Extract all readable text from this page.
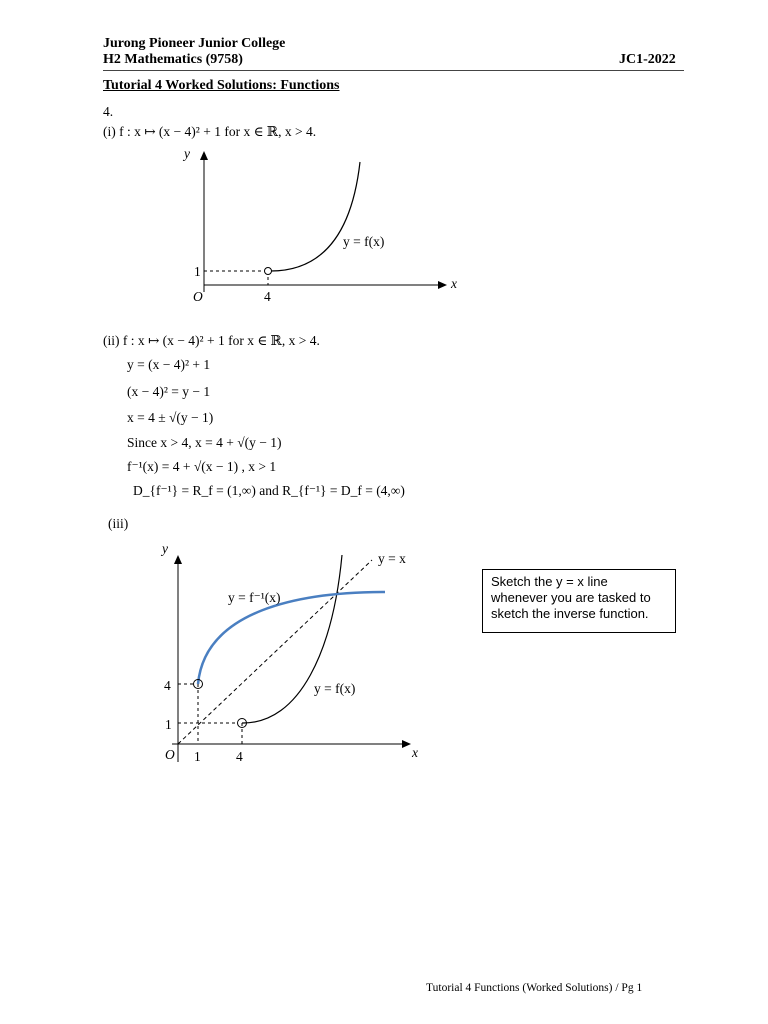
Jurong Pioneer Junior College
H2 Mathematics (9758)	JC1-2022
Tutorial 4 Worked Solutions: Functions
4.
(i) f : x ↦ (x − 4)² + 1 for x ∈ ℝ, x > 4.
y
x
O	4
1
y = f(x)
(ii) f : x ↦ (x − 4)² + 1 for x ∈ ℝ, x > 4.
y = (x − 4)² + 1
(x − 4)² = y − 1
x = 4 ± √(y − 1)
Since x > 4, x = 4 + √(y − 1)
f⁻¹(x) = 4 + √(x − 1) , x > 1
D_{f⁻¹} = R_f = (1,∞) and R_{f⁻¹} = D_f = (4,∞)
(iii)
y
x
O 1	4
4
1
y = x
y = f⁻¹(x)
y = f(x)
Sketch the y = x line whenever you are tasked to sketch the inverse function.
Tutorial 4 Functions (Worked Solutions) / Pg 1
